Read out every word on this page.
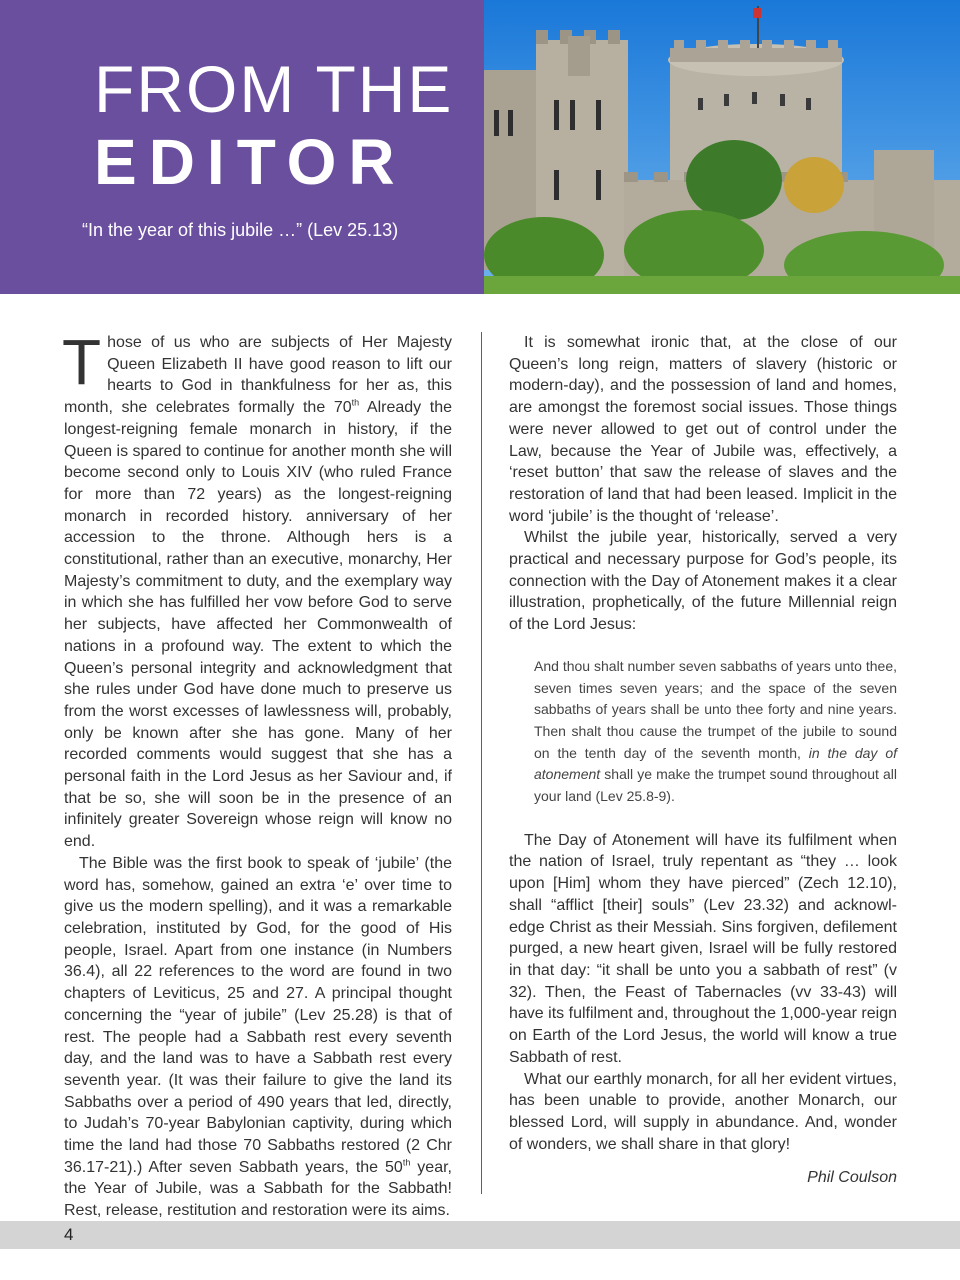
FROM THE
EDITOR
“In the year of this jubile …” (Lev 25.13)

Those of us who are subjects of Her Majesty Queen Elizabeth II have good reason to lift our hearts to God in thankfulness for her as, this month, she celebrates formally the 70th Already the longest-reigning female monarch in history, if the Queen is spared to continue for another month she will become second only to Louis XIV (who ruled France for more than 72 years) as the longest-reigning monarch in recorded history. anniversary of her accession to the throne. Although hers is a constitutional, rather than an executive, monarchy, Her Majesty’s commitment to duty, and the exemplary way in which she has fulfilled her vow before God to serve her subjects, have affected her Commonwealth of nations in a profound way. The extent to which the Queen’s personal integrity and acknowledgment that she rules under God have done much to preserve us from the worst excesses of lawlessness will, probably, only be known after she has gone. Many of her recorded comments would suggest that she has a personal faith in the Lord Jesus as her Saviour and, if that be so, she will soon be in the presence of an infinitely greater Sovereign whose reign will know no end.

The Bible was the first book to speak of ‘jubile’ (the word has, somehow, gained an extra ‘e’ over time to give us the modern spelling), and it was a remarkable celebration, instituted by God, for the good of His people, Israel. Apart from one instance (in Numbers 36.4), all 22 references to the word are found in two chapters of Leviticus, 25 and 27. A principal thought concerning the “year of jubile” (Lev 25.28) is that of rest. The people had a Sabbath rest every seventh day, and the land was to have a Sabbath rest every seventh year. (It was their failure to give the land its Sabbaths over a period of 490 years that led, directly, to Judah’s 70-year Babylonian captivity, during which time the land had those 70 Sabbaths restored (2 Chr 36.17-21).) After seven Sabbath years, the 50th year, the Year of Jubile, was a Sabbath for the Sabbath! Rest, release, restitution and restoration were its aims.

It is somewhat ironic that, at the close of our Queen’s long reign, matters of slavery (historic or modern-day), and the possession of land and homes, are amongst the foremost social issues. Those things were never allowed to get out of control under the Law, because the Year of Jubile was, effectively, a ‘reset button’ that saw the release of slaves and the restoration of land that had been leased. Implicit in the word ‘jubile’ is the thought of ‘release’.

Whilst the jubile year, historically, served a very practical and necessary purpose for God’s people, its connection with the Day of Atonement makes it a clear illustration, prophetically, of the future Millennial reign of the Lord Jesus:

And thou shalt number seven sabbaths of years unto thee, seven times seven years; and the space of the seven sabbaths of years shall be unto thee forty and nine years. Then shalt thou cause the trumpet of the jubile to sound on the tenth day of the seventh month, in the day of atonement shall ye make the trumpet sound throughout all your land (Lev 25.8-9).

The Day of Atonement will have its fulfilment when the nation of Israel, truly repentant as “they … look upon [Him] whom they have pierced” (Zech 12.10), shall “afflict [their] souls” (Lev 23.32) and acknowl-edge Christ as their Messiah. Sins forgiven, defilement purged, a new heart given, Israel will be fully restored in that day: “it shall be unto you a sabbath of rest” (v 32). Then, the Feast of Tabernacles (vv 33-43) will have its fulfilment and, throughout the 1,000-year reign on Earth of the Lord Jesus, the world will know a true Sabbath of rest.

What our earthly monarch, for all her evident virtues, has been unable to provide, another Monarch, our blessed Lord, will supply in abundance. And, wonder of wonders, we shall share in that glory!

Phil Coulson

4
